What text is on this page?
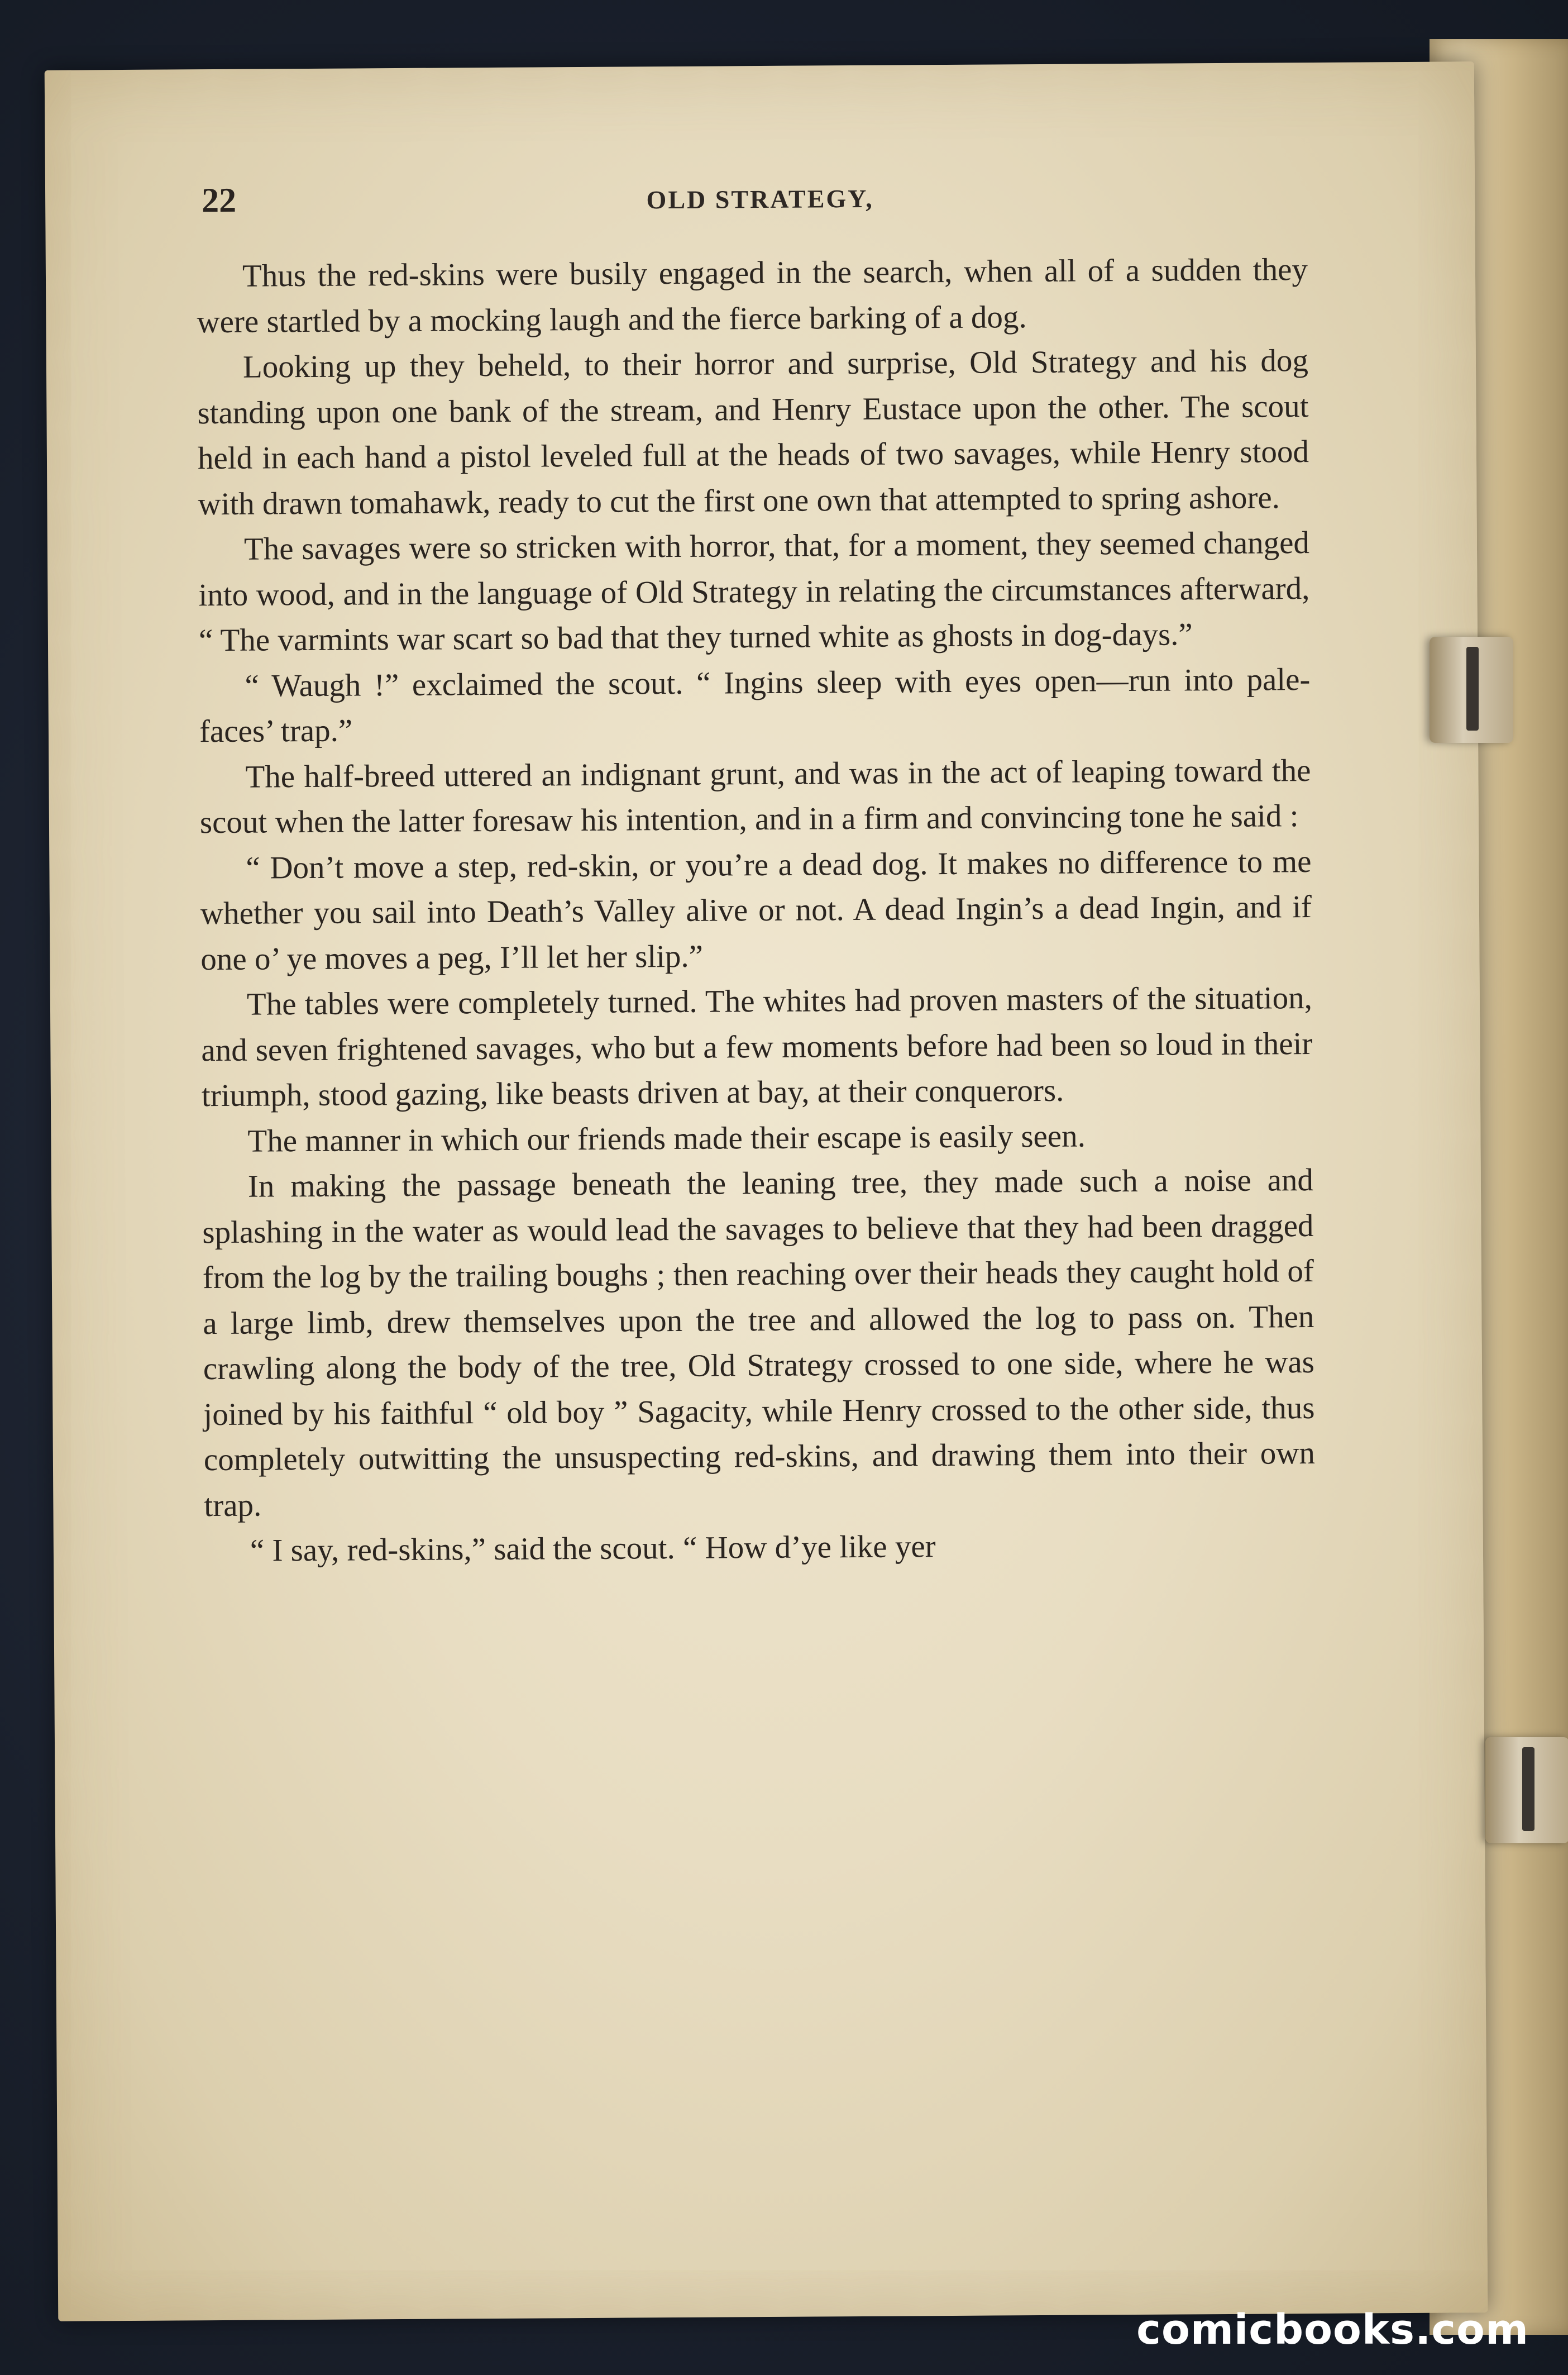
22	OLD STRATEGY,

Thus the red-skins were busily engaged in the search, when all of a sudden they were startled by a mocking laugh and the fierce barking of a dog.

Looking up they beheld, to their horror and surprise, Old Strategy and his dog standing upon one bank of the stream, and Henry Eustace upon the other. The scout held in each hand a pistol leveled full at the heads of two savages, while Henry stood with drawn tomahawk, ready to cut the first one own that attempted to spring ashore.

The savages were so stricken with horror, that, for a moment, they seemed changed into wood, and in the language of Old Strategy in relating the circumstances afterward, “ The varmints war scart so bad that they turned white as ghosts in dog-days.”

“ Waugh !” exclaimed the scout. “ Ingins sleep with eyes open—run into pale-faces’ trap.”

The half-breed uttered an indignant grunt, and was in the act of leaping toward the scout when the latter foresaw his intention, and in a firm and convincing tone he said :

“ Don’t move a step, red-skin, or you’re a dead dog. It makes no difference to me whether you sail into Death’s Valley alive or not. A dead Ingin’s a dead Ingin, and if one o’ ye moves a peg, I’ll let her slip.”

The tables were completely turned. The whites had proven masters of the situation, and seven frightened savages, who but a few moments before had been so loud in their triumph, stood gazing, like beasts driven at bay, at their conquerors.

The manner in which our friends made their escape is easily seen.

In making the passage beneath the leaning tree, they made such a noise and splashing in the water as would lead the savages to believe that they had been dragged from the log by the trailing boughs ; then reaching over their heads they caught hold of a large limb, drew themselves upon the tree and allowed the log to pass on. Then crawling along the body of the tree, Old Strategy crossed to one side, where he was joined by his faithful “ old boy ” Sagacity, while Henry crossed to the other side, thus completely outwitting the unsuspecting red-skins, and drawing them into their own trap.

“ I say, red-skins,” said the scout. “ How d’ye like yer

comicbooks.com
